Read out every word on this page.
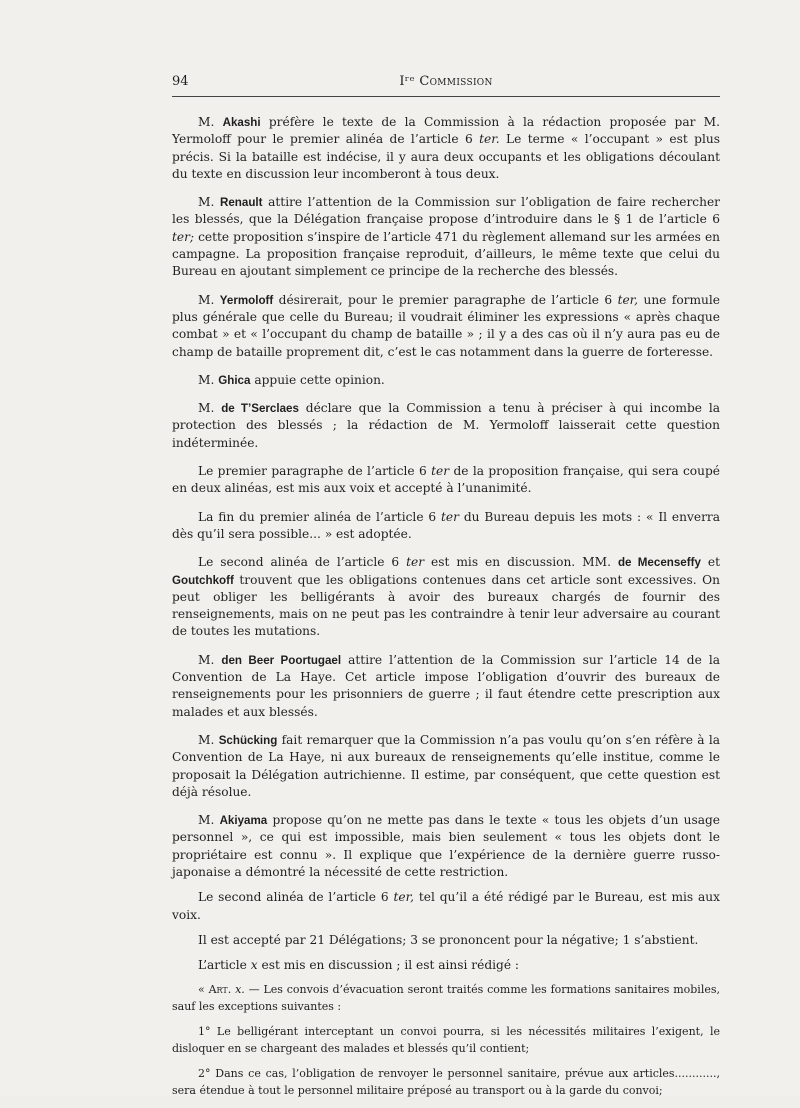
94	Iʳᵉ Commission

M. Akashi préfère le texte de la Commission à la rédaction proposée par M. Yermoloff pour le premier alinéa de l’article 6 ter. Le terme « l’occupant » est plus précis. Si la bataille est indécise, il y aura deux occupants et les obligations découlant du texte en discussion leur incomberont à tous deux.

M. Renault attire l’attention de la Commission sur l’obligation de faire rechercher les blessés, que la Délégation française propose d’introduire dans le § 1 de l’article 6 ter; cette proposition s’inspire de l’article 471 du règlement allemand sur les armées en campagne. La proposition française reproduit, d’ailleurs, le même texte que celui du Bureau en ajoutant simplement ce principe de la recherche des blessés.

M. Yermoloff désirerait, pour le premier paragraphe de l’article 6 ter, une formule plus générale que celle du Bureau; il voudrait éliminer les expressions « après chaque combat » et « l’occupant du champ de bataille » ; il y a des cas où il n’y aura pas eu de champ de bataille proprement dit, c’est le cas notamment dans la guerre de forteresse.

M. Ghica appuie cette opinion.

M. de T’Serclaes déclare que la Commission a tenu à préciser à qui incombe la protection des blessés ; la rédaction de M. Yermoloff laisserait cette question indéterminée.

Le premier paragraphe de l’article 6 ter de la proposition française, qui sera coupé en deux alinéas, est mis aux voix et accepté à l’unanimité.

La fin du premier alinéa de l’article 6 ter du Bureau depuis les mots : « Il enverra dès qu’il sera possible... » est adoptée.

Le second alinéa de l’article 6 ter est mis en discussion. MM. de Mecenseffy et Goutchkoff trouvent que les obligations contenues dans cet article sont excessives. On peut obliger les belligérants à avoir des bureaux chargés de fournir des renseignements, mais on ne peut pas les contraindre à tenir leur adversaire au courant de toutes les mutations.

M. den Beer Poortugael attire l’attention de la Commission sur l’article 14 de la Convention de La Haye. Cet article impose l’obligation d’ouvrir des bureaux de renseignements pour les prisonniers de guerre ; il faut étendre cette prescription aux malades et aux blessés.

M. Schücking fait remarquer que la Commission n’a pas voulu qu’on s’en réfère à la Convention de La Haye, ni aux bureaux de renseignements qu’elle institue, comme le proposait la Délégation autrichienne. Il estime, par conséquent, que cette question est déjà résolue.

M. Akiyama propose qu’on ne mette pas dans le texte « tous les objets d’un usage personnel », ce qui est impossible, mais bien seulement « tous les objets dont le propriétaire est connu ». Il explique que l’expérience de la dernière guerre russo-japonaise a démontré la nécessité de cette restriction.

Le second alinéa de l’article 6 ter, tel qu’il a été rédigé par le Bureau, est mis aux voix.

Il est accepté par 21 Délégations; 3 se prononcent pour la négative; 1 s’abstient.

L’article x est mis en discussion ; il est ainsi rédigé :

« Art. x. — Les convois d’évacuation seront traités comme les formations sanitaires mobiles, sauf les exceptions suivantes :

1° Le belligérant interceptant un convoi pourra, si les nécessités militaires l’exigent, le disloquer en se chargeant des malades et blessés qu’il contient;

2° Dans ce cas, l’obligation de renvoyer le personnel sanitaire, prévue aux articles............, sera étendue à tout le personnel militaire préposé au transport ou à la garde du convoi;
